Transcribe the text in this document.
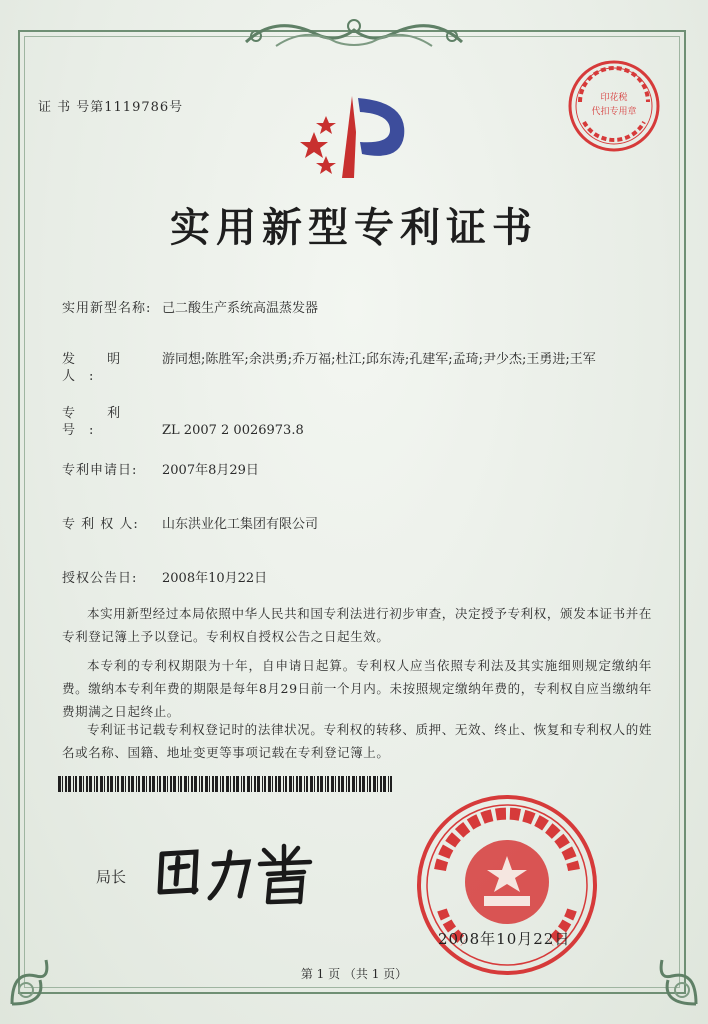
证 书 号第1119786号
实用新型专利证书
实用新型名称: 己二酸生产系统高温蒸发器
发 明 人:
游同想;陈胜军;余洪勇;乔万福;杜江;邱东涛;孔建军;孟琦;尹少杰;王勇进;王军
专 利 号:	ZL 2007 2 0026973.8
专利申请日: 2007年8月29日
专 利 权 人: 山东洪业化工集团有限公司
授权公告日: 2008年10月22日
本实用新型经过本局依照中华人民共和国专利法进行初步审查，决定授予专利权，颁发本证书并在专利登记簿上予以登记。专利权自授权公告之日起生效。
本专利的专利权期限为十年，自申请日起算。专利权人应当依照专利法及其实施细则规定缴纳年费。缴纳本专利年费的期限是每年8月29日前一个月内。未按照规定缴纳年费的，专利权自应当缴纳年费期满之日起终止。
专利证书记载专利权登记时的法律状况。专利权的转移、质押、无效、终止、恢复和专利权人的姓名或名称、国籍、地址变更等事项记载在专利登记簿上。
局长
印花税
代扣专用章
2008年10月22日
第 1 页 （共 1 页）
